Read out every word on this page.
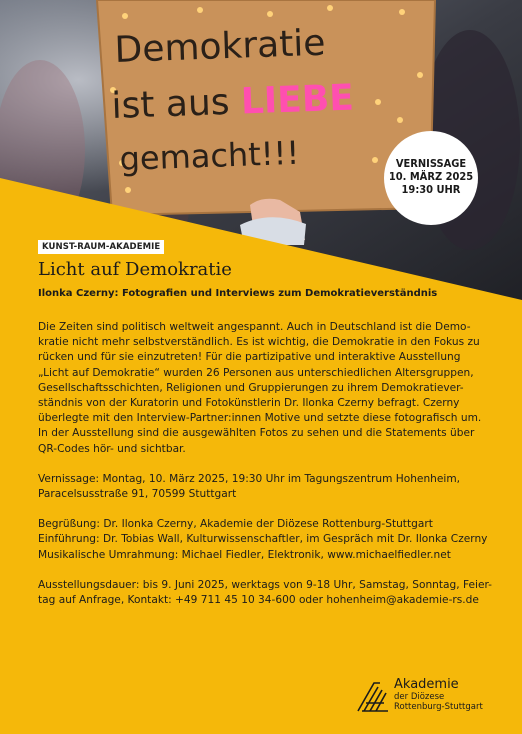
Demokratie
ist aus LIEBE
gemacht!!!	VERNISSAGE
10. MÄRZ 2025
19:30 UHR
KUNST-RAUM-AKADEMIE
Licht auf Demokratie
Ilonka Czerny: Fotografien und Interviews zum Demokratieverständnis

Die Zeiten sind politisch weltweit angespannt. Auch in Deutschland ist die Demo-

kratie nicht mehr selbstverständlich. Es ist wichtig, die Demokratie in den Fokus zu

rücken und für sie einzutreten! Für die partizipative und interaktive Ausstellung

„Licht auf Demokratie“ wurden 26 Personen aus unterschiedlichen Altersgruppen,

Gesellschaftsschichten, Religionen und Gruppierungen zu ihrem Demokratiever-

ständnis von der Kuratorin und Fotokünstlerin Dr. Ilonka Czerny befragt. Czerny

überlegte mit den Interview-Partner:innen Motive und setzte diese fotografisch um.

In der Ausstellung sind die ausgewählten Fotos zu sehen und die Statements über

QR-Codes hör- und sichtbar.

Vernissage: Montag, 10. März 2025, 19:30 Uhr im Tagungszentrum Hohenheim,

Paracelsusstraße 91, 70599 Stuttgart

Begrüßung: Dr. Ilonka Czerny, Akademie der Diözese Rottenburg-Stuttgart

Einführung: Dr. Tobias Wall, Kulturwissenschaftler, im Gespräch mit Dr. Ilonka Czerny

Musikalische Umrahmung: Michael Fiedler, Elektronik, www.michaelfiedler.net

Ausstellungsdauer: bis 9. Juni 2025, werktags von 9-18 Uhr, Samstag, Sonntag, Feier-

tag auf Anfrage, Kontakt: +49 711 45 10 34-600 oder hohenheim@akademie-rs.de

Akademie
der Diözese
Rottenburg-Stuttgart
